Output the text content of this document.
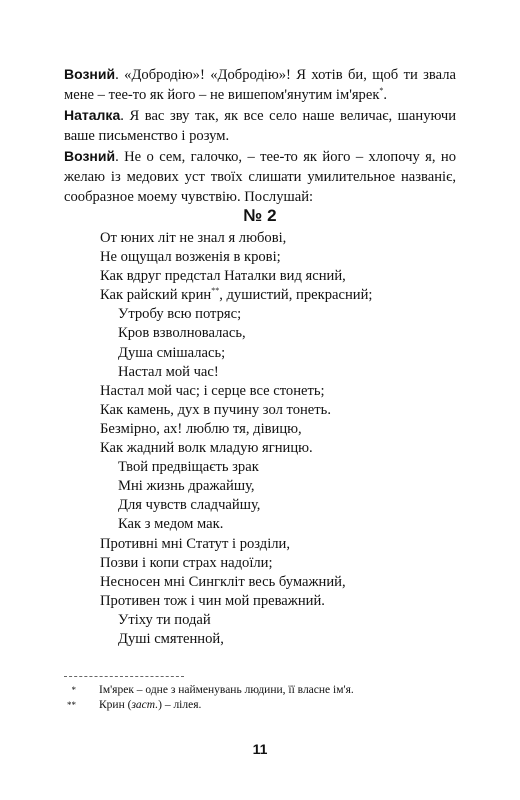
Возний. «Добродію»! «Добродію»! Я хотів би, щоб ти звала мене – тее-то як його – не вишепом'янутим ім'ярек*.

Наталка. Я вас зву так, як все село наше величає, шануючи ваше письменство і розум.

Возний. Не о сем, галочко, – тее-то як його – хлопочу я, но желаю із медових уст твоїх слишати умилительное названіє, сообразное моему чувствію. Послушай:

№ 2
От юних літ не знал я любові,
Не ощущал возженія в крові;
Как вдруг предстал Наталки вид ясний,
Как райский крин**, душистий, прекрасний;
Утробу всю потряс;
Кров взволновалась,
Душа смішалась;
Настал мой час!
Настал мой час; і серце все стонеть;
Как камень, дух в пучину зол тонеть.
Безмірно, ах! люблю тя, дівицю,
Как жадний волк младую ягницю.
Твой предвіщаєть зрак
Мні жизнь дражайшу,
Для чувств сладчайшу,
Как з медом мак.
Противні мні Статут і розділи,
Позви і копи страх надоїли;
Несносен мні Сингкліт весь бумажний,
Противен тож і чин мой преважний.
Утіху ти подай
Душі смятенной,
* Ім'ярек – одне з найменувань людини, її власне ім'я.
** Крин (заст.) – лілея.
11
